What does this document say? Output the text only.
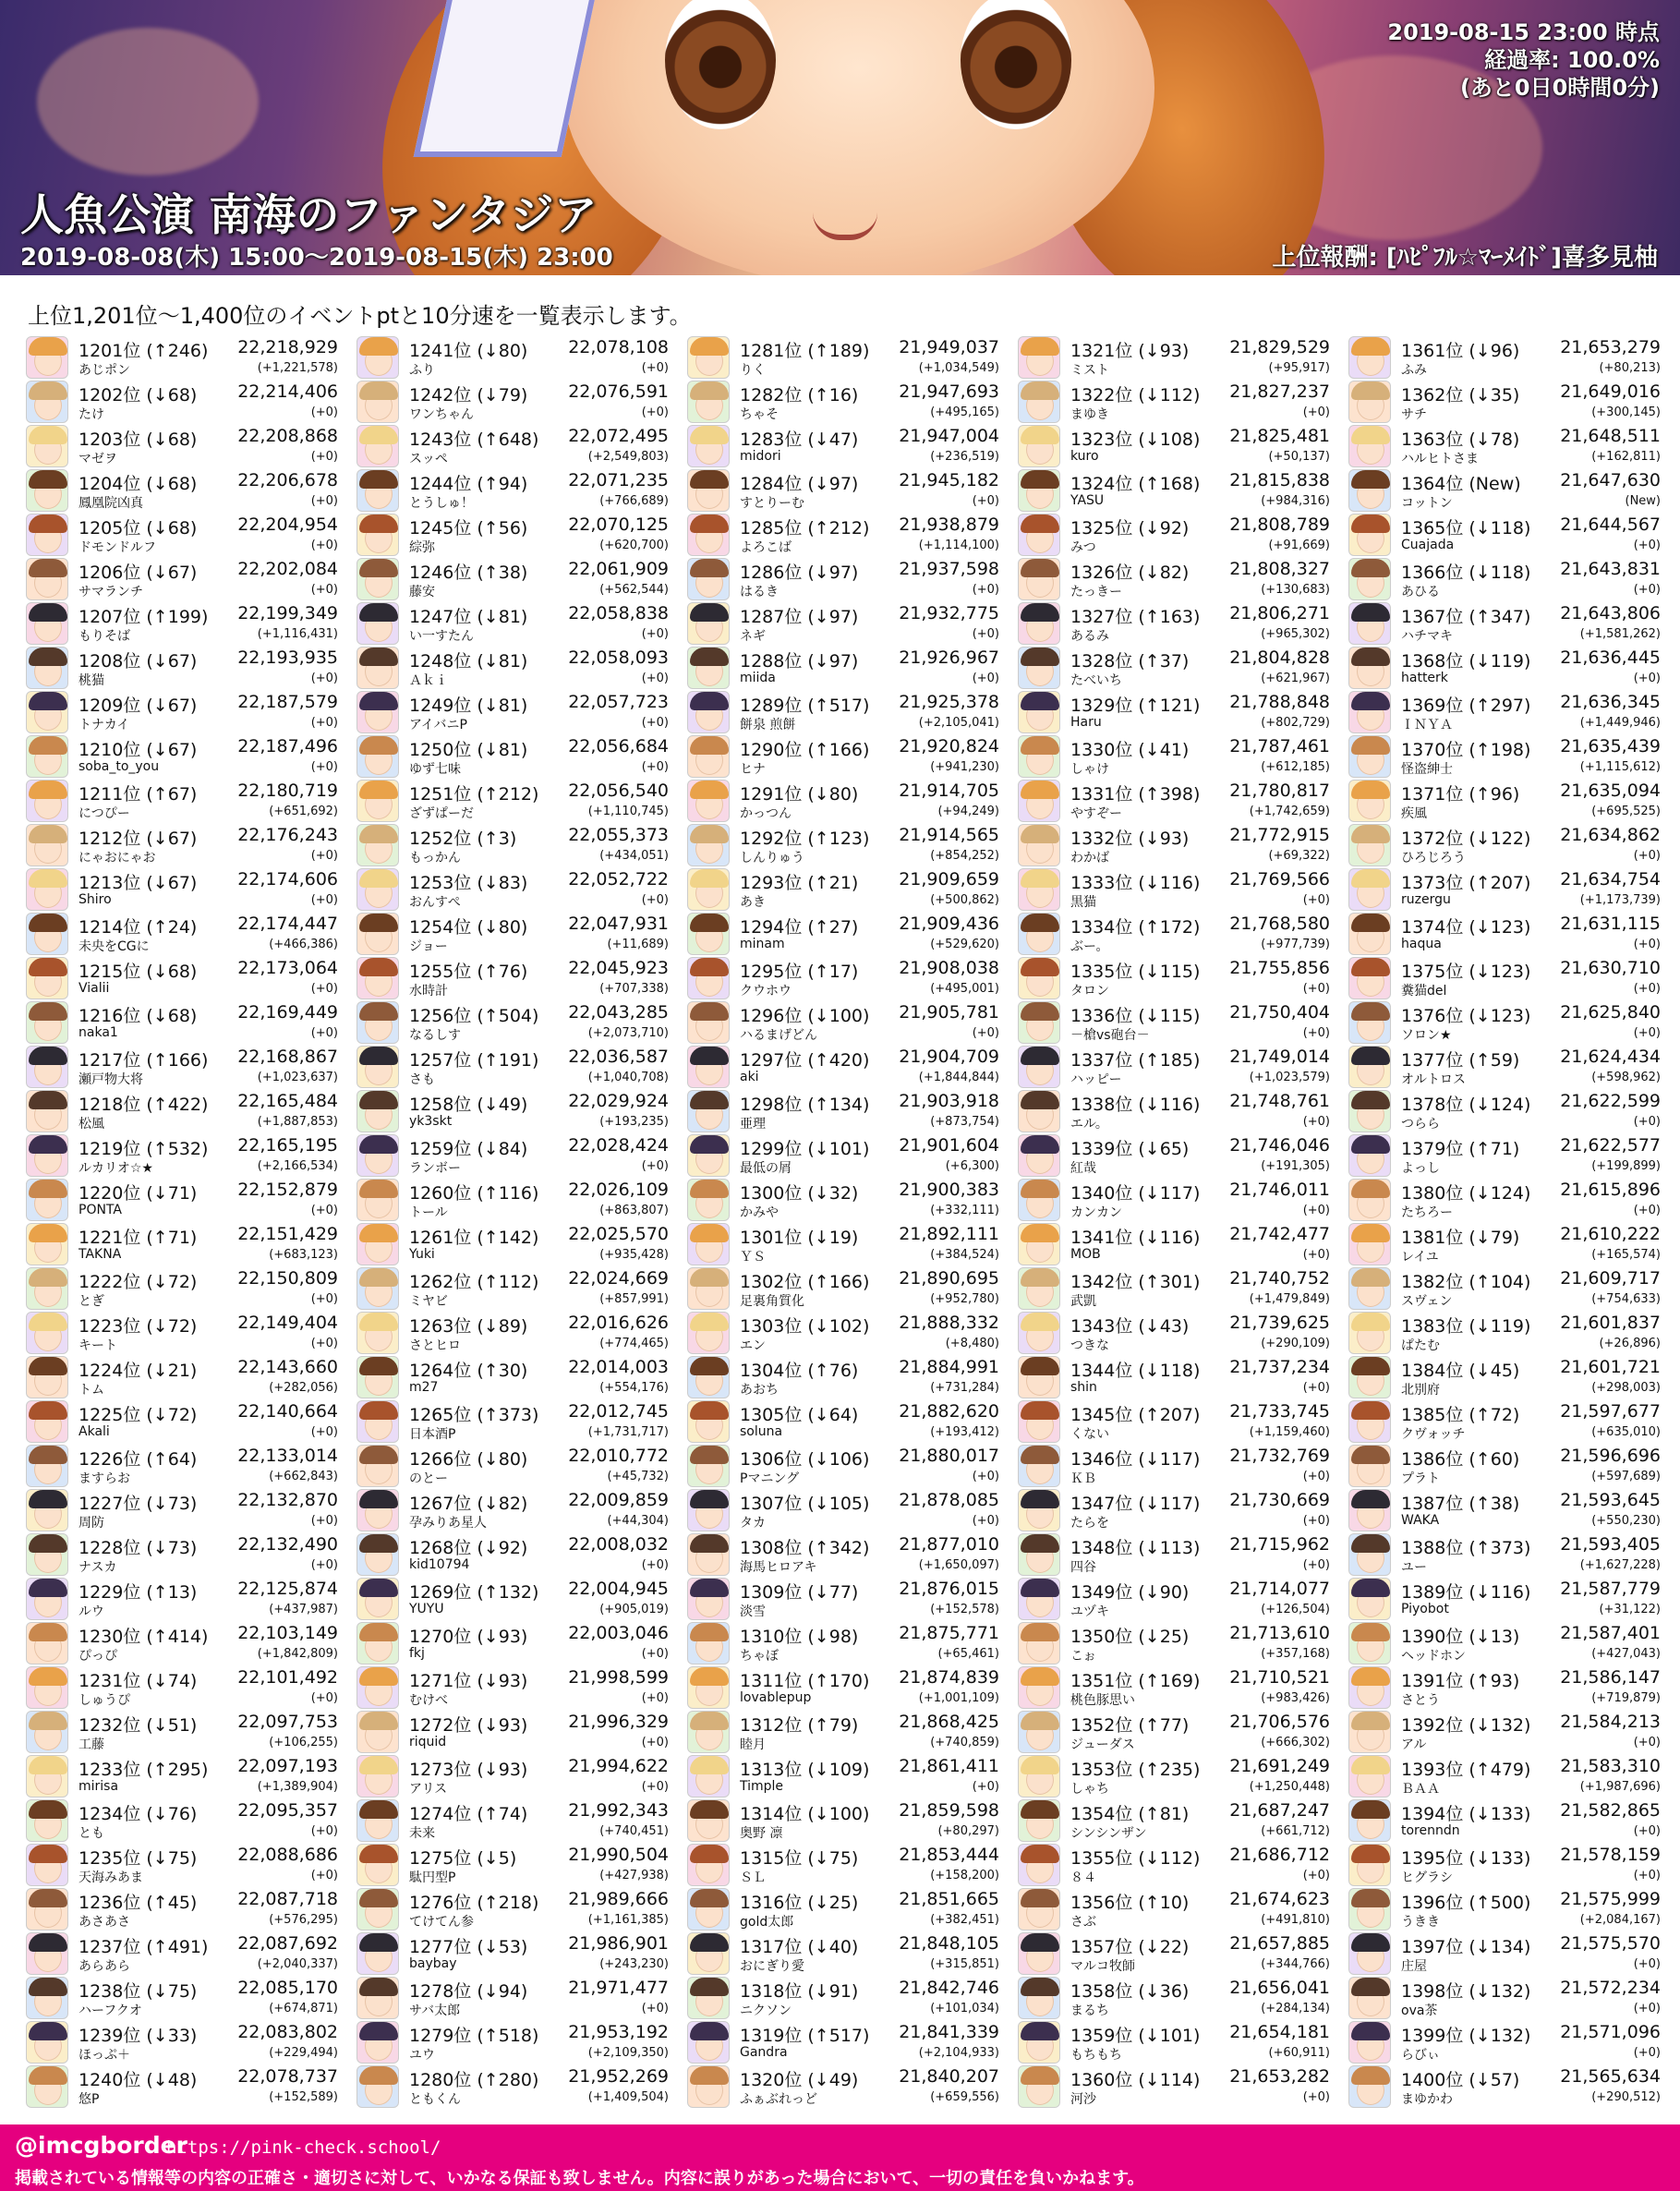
2019-08-15 23:00 時点
経過率: 100.0%
(あと0日0時間0分)
人魚公演 南海のファンタジア
2019-08-08(木) 15:00～2019-08-15(木) 23:00	上位報酬: [ﾊﾋﾟﾌﾙ☆ﾏｰﾒｲﾄﾞ]喜多見柚
上位1,201位～1,400位のイベントptと10分速を一覧表示します。
1201位 (↑246) 22,218,929
あじポン	(+1,221,578)
1202位 (↓68) 22,214,406
たけ	(+0)
1203位 (↓68) 22,208,868
マゼヲ	(+0)
1204位 (↓68) 22,206,678
鳳凰院凶真	(+0)
1205位 (↓68) 22,204,954
ドモンドルフ	(+0)
1206位 (↓67) 22,202,084
サマランチ	(+0)
1207位 (↑199) 22,199,349
もりそば	(+1,116,431)
1208位 (↓67) 22,193,935
桃猫	(+0)
1209位 (↓67) 22,187,579
トナカイ	(+0)
1210位 (↓67) 22,187,496
soba_to_you	(+0)
1211位 (↑67) 22,180,719
につぴー	(+651,692)
1212位 (↓67) 22,176,243
にゃおにゃお	(+0)
1213位 (↓67) 22,174,606
Shiro	(+0)
1214位 (↑24) 22,174,447
未央をCGに	(+466,386)
1215位 (↓68) 22,173,064
Vialii	(+0)
1216位 (↓68) 22,169,449
naka1	(+0)
1217位 (↑166) 22,168,867
瀬戸物大将	(+1,023,637)
1218位 (↑422) 22,165,484
松風	(+1,887,853)
1219位 (↑532) 22,165,195
ルカリオ☆★	(+2,166,534)
1220位 (↓71) 22,152,879
PONTA	(+0)
1221位 (↑71) 22,151,429
TAKNA	(+683,123)
1222位 (↓72) 22,150,809
とぎ	(+0)
1223位 (↓72) 22,149,404
キート	(+0)
1224位 (↓21) 22,143,660
トム	(+282,056)
1225位 (↓72) 22,140,664
Akali	(+0)
1226位 (↑64) 22,133,014
ますらお	(+662,843)
1227位 (↓73) 22,132,870
周防	(+0)
1228位 (↓73) 22,132,490
ナスカ	(+0)
1229位 (↑13) 22,125,874
ルウ	(+437,987)
1230位 (↑414) 22,103,149
ぴっぴ	(+1,842,809)
1231位 (↓74) 22,101,492
しゅうぴ	(+0)
1232位 (↓51) 22,097,753
工藤	(+106,255)
1233位 (↑295) 22,097,193
mirisa	(+1,389,904)
1234位 (↓76) 22,095,357
とも	(+0)
1235位 (↓75) 22,088,686
天海みあま	(+0)
1236位 (↑45) 22,087,718
あさあさ	(+576,295)
1237位 (↑491) 22,087,692
あらあら	(+2,040,337)
1238位 (↓75) 22,085,170
ハーフクオ	(+674,871)
1239位 (↓33) 22,083,802
ほっぷ＋	(+229,494)
1240位 (↓48) 22,078,737
悠P	(+152,589)
1241位 (↓80) 22,078,108
ふり	(+0)
1242位 (↓79) 22,076,591
ワンちゃん	(+0)
1243位 (↑648) 22,072,495
スッペ	(+2,549,803)
1244位 (↑94) 22,071,235
とうしゅ！	(+766,689)
1245位 (↑56) 22,070,125
綜弥	(+620,700)
1246位 (↑38) 22,061,909
藤安	(+562,544)
1247位 (↓81) 22,058,838
い一すたん	(+0)
1248位 (↓81) 22,058,093
Ａｋｉ	(+0)
1249位 (↓81) 22,057,723
アイバニP	(+0)
1250位 (↓81) 22,056,684
ゆず七味	(+0)
1251位 (↑212) 22,056,540
ざずぱーだ	(+1,110,745)
1252位 (↑3)	22,055,373
もっかん	(+434,051)
1253位 (↓83) 22,052,722
おんすぺ	(+0)
1254位 (↓80) 22,047,931
ジョー	(+11,689)
1255位 (↑76) 22,045,923
水時計	(+707,338)
1256位 (↑504) 22,043,285
なるしす	(+2,073,710)
1257位 (↑191) 22,036,587
さも	(+1,040,708)
1258位 (↓49) 22,029,924
yk3skt	(+193,235)
1259位 (↓84) 22,028,424
ランボー	(+0)
1260位 (↑116) 22,026,109
トール	(+863,807)
1261位 (↑142) 22,025,570
Yuki	(+935,428)
1262位 (↑112) 22,024,669
ミヤビ	(+857,991)
1263位 (↓89) 22,016,626
さとヒロ	(+774,465)
1264位 (↑30) 22,014,003
m27	(+554,176)
1265位 (↑373) 22,012,745
日本酒P	(+1,731,717)
1266位 (↓80) 22,010,772
のとー	(+45,732)
1267位 (↓82) 22,009,859
孕みりあ星人	(+44,304)
1268位 (↓92) 22,008,032
kid10794	(+0)
1269位 (↑132) 22,004,945
YUYU	(+905,019)
1270位 (↓93) 22,003,046
fkj	(+0)
1271位 (↓93) 21,998,599
むけべ	(+0)
1272位 (↓93) 21,996,329
riquid	(+0)
1273位 (↓93) 21,994,622
アリス	(+0)
1274位 (↑74) 21,992,343
未来	(+740,451)
1275位 (↓5)	21,990,504
駄円型P	(+427,938)
1276位 (↑218) 21,989,666
てけてん参	(+1,161,385)
1277位 (↓53) 21,986,901
baybay	(+243,230)
1278位 (↓94) 21,971,477
サバ太郎	(+0)
1279位 (↑518) 21,953,192
ユウ	(+2,109,350)
1280位 (↑280) 21,952,269
ともくん	(+1,409,504)
1281位 (↑189) 21,949,037
りく	(+1,034,549)
1282位 (↑16) 21,947,693
ちゃそ	(+495,165)
1283位 (↓47) 21,947,004
midori	(+236,519)
1284位 (↓97) 21,945,182
すとりーむ	(+0)
1285位 (↑212) 21,938,879
よろこば	(+1,114,100)
1286位 (↓97) 21,937,598
はるき	(+0)
1287位 (↓97) 21,932,775
ネギ	(+0)
1288位 (↓97) 21,926,967
miida	(+0)
1289位 (↑517) 21,925,378
餅泉 煎餅	(+2,105,041)
1290位 (↑166) 21,920,824
ヒナ	(+941,230)
1291位 (↓80) 21,914,705
かっつん	(+94,249)
1292位 (↑123) 21,914,565
しんりゅう	(+854,252)
1293位 (↑21) 21,909,659
あき	(+500,862)
1294位 (↑27) 21,909,436
minam	(+529,620)
1295位 (↑17) 21,908,038
クウホウ	(+495,001)
1296位 (↓100) 21,905,781
ハるまげどん	(+0)
1297位 (↑420) 21,904,709
aki	(+1,844,844)
1298位 (↑134) 21,903,918
亜理	(+873,754)
1299位 (↓101) 21,901,604
最低の屑	(+6,300)
1300位 (↓32) 21,900,383
かみや	(+332,111)
1301位 (↓19) 21,892,111
ＹＳ	(+384,524)
1302位 (↑166) 21,890,695
足裏角質化	(+952,780)
1303位 (↓102) 21,888,332
エン	(+8,480)
1304位 (↑76) 21,884,991
あおち	(+731,284)
1305位 (↓64) 21,882,620
soluna	(+193,412)
1306位 (↓106) 21,880,017
Pマニング	(+0)
1307位 (↓105) 21,878,085
タカ	(+0)
1308位 (↑342) 21,877,010
海馬ヒロアキ	(+1,650,097)
1309位 (↓77) 21,876,015
淡雪	(+152,578)
1310位 (↓98) 21,875,771
ちゃぼ	(+65,461)
1311位 (↑170) 21,874,839
lovablepup	(+1,001,109)
1312位 (↑79) 21,868,425
睦月	(+740,859)
1313位 (↓109) 21,861,411
Timple	(+0)
1314位 (↓100) 21,859,598
奥野 凛	(+80,297)
1315位 (↓75) 21,853,444
ＳＬ	(+158,200)
1316位 (↓25) 21,851,665
gold太郎	(+382,451)
1317位 (↓40) 21,848,105
おにぎり愛	(+315,851)
1318位 (↓91) 21,842,746
ニクソン	(+101,034)
1319位 (↑517) 21,841,339
Gandra	(+2,104,933)
1320位 (↓49) 21,840,207
ふぁぶれっど	(+659,556)
1321位 (↓93) 21,829,529
ミスト	(+95,917)
1322位 (↓112) 21,827,237
まゆき	(+0)
1323位 (↓108) 21,825,481
kuro	(+50,137)
1324位 (↑168) 21,815,838
YASU	(+984,316)
1325位 (↓92) 21,808,789
みつ	(+91,669)
1326位 (↓82) 21,808,327
たっきー	(+130,683)
1327位 (↑163) 21,806,271
あるみ	(+965,302)
1328位 (↑37) 21,804,828
たべいち	(+621,967)
1329位 (↑121) 21,788,848
Haru	(+802,729)
1330位 (↓41) 21,787,461
しゃけ	(+612,185)
1331位 (↑398) 21,780,817
やすぞー	(+1,742,659)
1332位 (↓93) 21,772,915
わかば	(+69,322)
1333位 (↓116) 21,769,566
黒猫	(+0)
1334位 (↑172) 21,768,580
ぶー。	(+977,739)
1335位 (↓115) 21,755,856
タロン	(+0)
1336位 (↓115) 21,750,404
－槍vs砲台－	(+0)
1337位 (↑185) 21,749,014
ハッピー	(+1,023,579)
1338位 (↓116) 21,748,761
エル。	(+0)
1339位 (↓65) 21,746,046
紅哉	(+191,305)
1340位 (↓117) 21,746,011
カンカン	(+0)
1341位 (↓116) 21,742,477
MOB	(+0)
1342位 (↑301) 21,740,752
武凱	(+1,479,849)
1343位 (↓43) 21,739,625
つきな	(+290,109)
1344位 (↓118) 21,737,234
shin	(+0)
1345位 (↑207) 21,733,745
くない	(+1,159,460)
1346位 (↓117) 21,732,769
ＫＢ	(+0)
1347位 (↓117) 21,730,669
たらを	(+0)
1348位 (↓113) 21,715,962
四谷	(+0)
1349位 (↓90) 21,714,077
ユヅキ	(+126,504)
1350位 (↓25) 21,713,610
こぉ	(+357,168)
1351位 (↑169) 21,710,521
桃色豚思い	(+983,426)
1352位 (↑77) 21,706,576
ジューダス	(+666,302)
1353位 (↑235) 21,691,249
しゃち	(+1,250,448)
1354位 (↑81) 21,687,247
シンシンザン	(+661,712)
1355位 (↓112) 21,686,712
８４	(+0)
1356位 (↑10) 21,674,623
さぶ	(+491,810)
1357位 (↓22) 21,657,885
マルコ牧師	(+344,766)
1358位 (↓36) 21,656,041
まるち	(+284,134)
1359位 (↓101) 21,654,181
もちもち	(+60,911)
1360位 (↓114) 21,653,282
河沙	(+0)
1361位 (↓96) 21,653,279
ふみ	(+80,213)
1362位 (↓35) 21,649,016
サチ	(+300,145)
1363位 (↓78) 21,648,511
ハルヒトさま	(+162,811)
1364位 (New) 21,647,630
コットン	(New)
1365位 (↓118) 21,644,567
Cuajada	(+0)
1366位 (↓118) 21,643,831
あひる	(+0)
1367位 (↑347) 21,643,806
ハチマキ	(+1,581,262)
1368位 (↓119) 21,636,445
hatterk	(+0)
1369位 (↑297) 21,636,345
ＩＮＹＡ	(+1,449,946)
1370位 (↑198) 21,635,439
怪盗紳士	(+1,115,612)
1371位 (↑96) 21,635,094
疾風	(+695,525)
1372位 (↓122) 21,634,862
ひろじろう	(+0)
1373位 (↑207) 21,634,754
ruzergu	(+1,173,739)
1374位 (↓123) 21,631,115
haqua	(+0)
1375位 (↓123) 21,630,710
糞猫del	(+0)
1376位 (↓123) 21,625,840
ソロン★	(+0)
1377位 (↑59) 21,624,434
オルトロス	(+598,962)
1378位 (↓124) 21,622,599
つらら	(+0)
1379位 (↑71) 21,622,577
よっし	(+199,899)
1380位 (↓124) 21,615,896
たちろー	(+0)
1381位 (↓79) 21,610,222
レイユ	(+165,574)
1382位 (↑104) 21,609,717
スヴェン	(+754,633)
1383位 (↓119) 21,601,837
ぱたむ	(+26,896)
1384位 (↓45) 21,601,721
北別府	(+298,003)
1385位 (↑72) 21,597,677
クヴォッチ	(+635,010)
1386位 (↑60) 21,596,696
プラト	(+597,689)
1387位 (↑38) 21,593,645
WAKA	(+550,230)
1388位 (↑373) 21,593,405
ユー	(+1,627,228)
1389位 (↓116) 21,587,779
Piyobot	(+31,122)
1390位 (↓13) 21,587,401
ヘッドホン	(+427,043)
1391位 (↑93) 21,586,147
さとう	(+719,879)
1392位 (↓132) 21,584,213
アル	(+0)
1393位 (↑479) 21,583,310
ＢＡＡ	(+1,987,696)
1394位 (↓133) 21,582,865
torenndn	(+0)
1395位 (↓133) 21,578,159
ヒグラシ	(+0)
1396位 (↑500) 21,575,999
うきき	(+2,084,167)
1397位 (↓134) 21,575,570
庄屋	(+0)
1398位 (↓132) 21,572,234
ova茶	(+0)
1399位 (↓132) 21,571,096
らびぃ	(+0)
1400位 (↓57) 21,565,634
まゆかわ	(+290,512)
@imcgborder
https://pink-check.school/
掲載されている情報等の内容の正確さ・適切さに対して、いかなる保証も致しません。内容に誤りがあった場合において、一切の責任を負いかねます。
